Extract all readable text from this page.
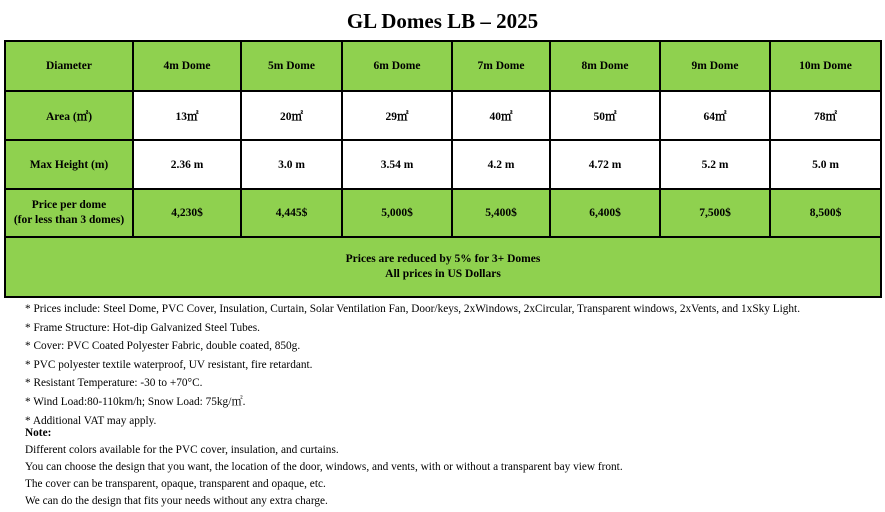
GL Domes LB – 2025
Diameter	4m Dome	5m Dome	6m Dome	7m Dome	8m Dome	9m Dome	10m Dome
Area (㎡)	13㎡	20㎡	29㎡	40㎡	50㎡	64㎡	78㎡
Max Height (m)	2.36 m	3.0 m	3.54 m	4.2 m	4.72 m	5.2 m	5.0 m

Price per dome
(for less than 3 domes)	4,230$	4,445$	5,000$	5,400$	6,400$	7,500$	8,500$

Prices are reduced by 5% for 3+ Domes
All prices in US Dollars							
* Prices include: Steel Dome, PVC Cover, Insulation, Curtain, Solar Ventilation Fan, Door/keys, 2xWindows, 2xCircular, Transparent windows, 2xVents, and 1xSky Light.
* Frame Structure: Hot-dip Galvanized Steel Tubes.
* Cover: PVC Coated Polyester Fabric, double coated, 850g.
* PVC polyester textile waterproof, UV resistant, fire retardant.
* Resistant Temperature: -30 to +70°C.
* Wind Load:80-110km/h; Snow Load: 75kg/㎡.
* Additional VAT may apply.
Note:
Different colors available for the PVC cover, insulation, and curtains.
You can choose the design that you want, the location of the door, windows, and vents, with or without a transparent bay view front.
The cover can be transparent, opaque, transparent and opaque, etc.
We can do the design that fits your needs without any extra charge.
